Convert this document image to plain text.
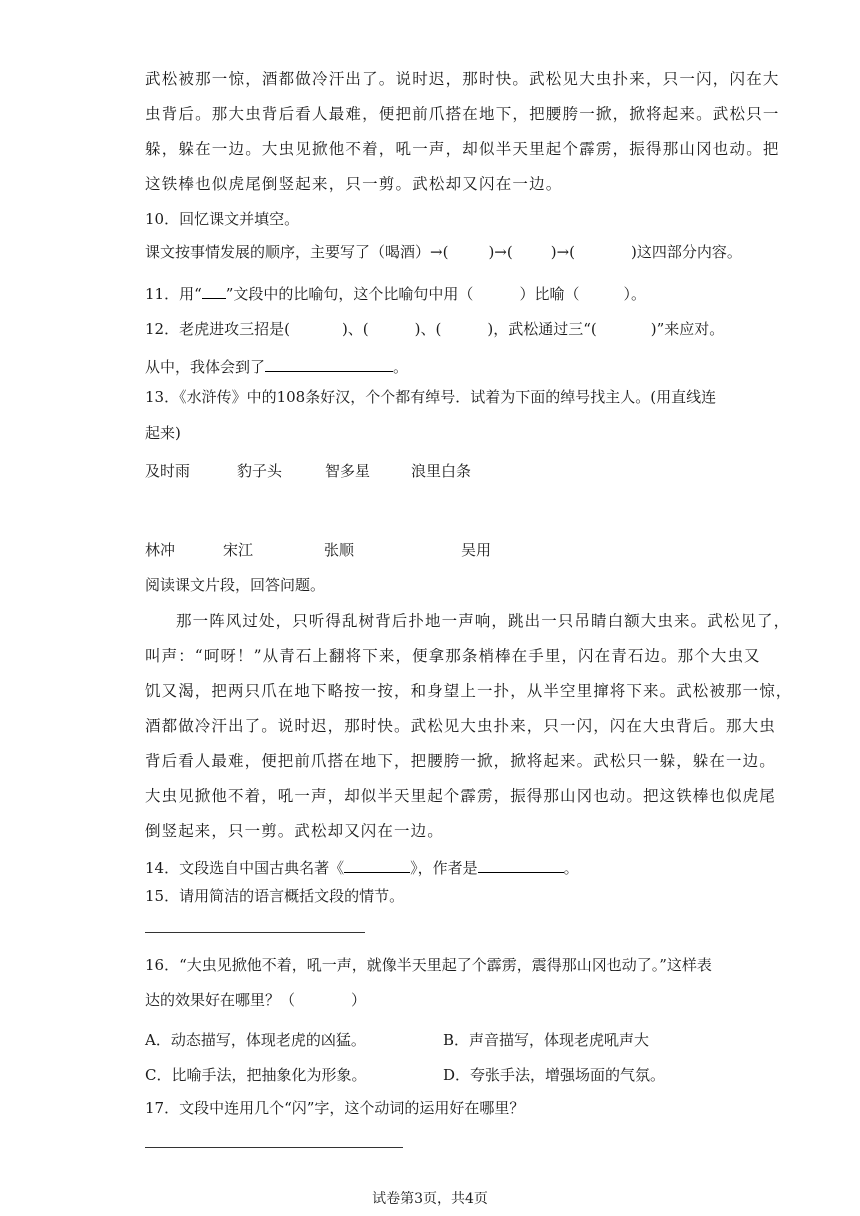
武松被那一惊，酒都做冷汗出了。说时迟，那时快。武松见大虫扑来，只一闪，闪在大
虫背后。那大虫背后看人最难，便把前爪搭在地下，把腰胯一掀，掀将起来。武松只一
躲，躲在一边。大虫见掀他不着，吼一声，却似半天里起个霹雳，振得那山冈也动。把
这铁棒也似虎尾倒竖起来，只一剪。武松却又闪在一边。
10．回忆课文并填空。
课文按事情发展的顺序，主要写了（喝酒）→(	)→(	)→(	)这四部分内容。
11．用“ ”文段中的比喻句，这个比喻句中用（	）比喻（	）。
12．老虎进攻三招是(	)、(	)、(	)，武松通过三“(	)”来应对。
从中，我体会到了	。
13．《水浒传》中的108条好汉，个个都有绰号．试着为下面的绰号找主人。(用直线连
起来)
及时雨	豹子头	智多星	浪里白条
林冲	宋江	张顺	吴用
阅读课文片段，回答问题。
那一阵风过处，只听得乱树背后扑地一声响，跳出一只吊睛白额大虫来。武松见了，
叫声：“呵呀！”从青石上翻将下来，便拿那条梢棒在手里，闪在青石边。那个大虫又
饥又渴，把两只爪在地下略按一按，和身望上一扑，从半空里撺将下来。武松被那一惊，
酒都做冷汗出了。说时迟，那时快。武松见大虫扑来，只一闪，闪在大虫背后。那大虫
背后看人最难，便把前爪搭在地下，把腰胯一掀，掀将起来。武松只一躲，躲在一边。
大虫见掀他不着，吼一声，却似半天里起个霹雳，振得那山冈也动。把这铁棒也似虎尾
倒竖起来，只一剪。武松却又闪在一边。
14．文段选自中国古典名著《	》，作者是	。
15．请用简洁的语言概括文段的情节。
16．“大虫见掀他不着，吼一声，就像半天里起了个霹雳，震得那山冈也动了。”这样表
达的效果好在哪里？（	）
A．动态描写，体现老虎的凶猛。	B．声音描写，体现老虎吼声大
C．比喻手法，把抽象化为形象。	D．夸张手法，增强场面的气氛。
17．文段中连用几个“闪”字，这个动词的运用好在哪里？
试卷第3页，共4页
